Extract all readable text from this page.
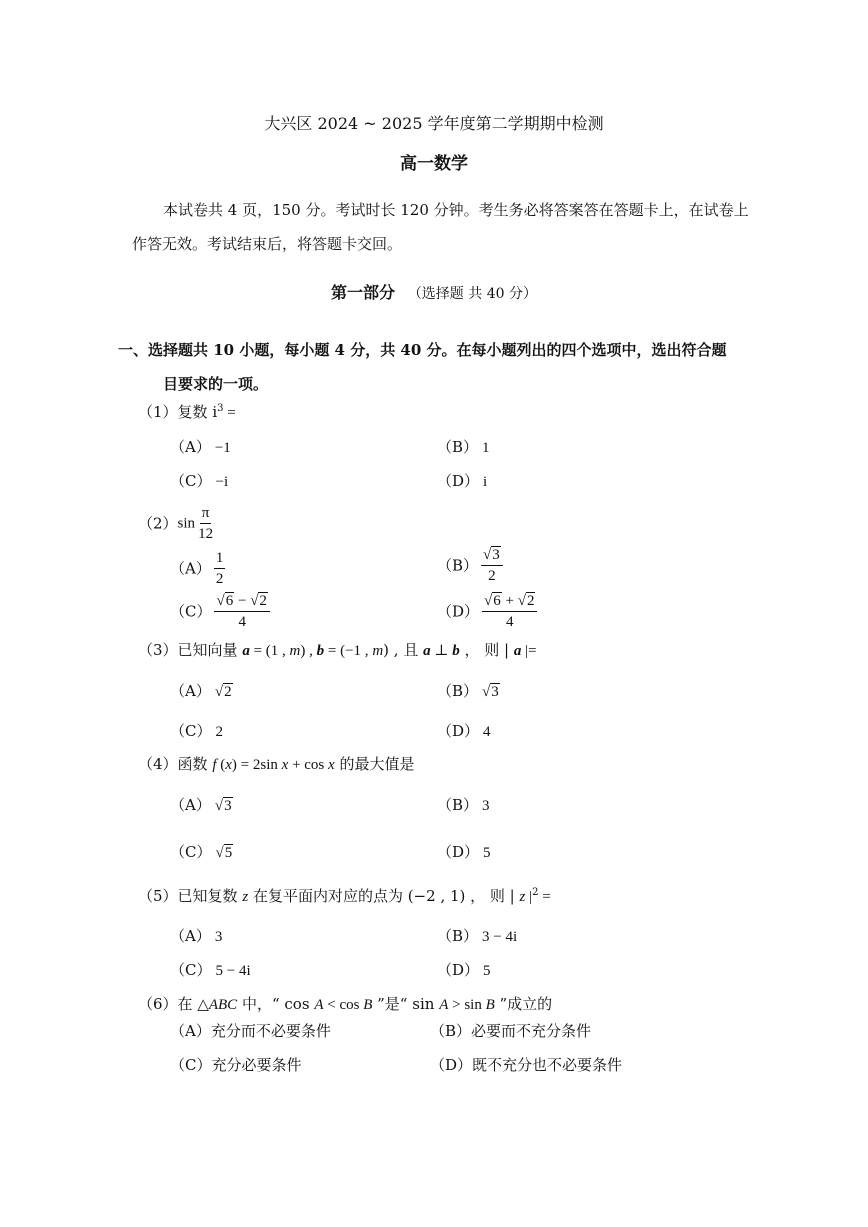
大兴区 2024 ~ 2025 学年度第二学期期中检测
高一数学
本试卷共 4 页，150 分。考试时长 120 分钟。考生务必将答案答在答题卡上，在试卷上
作答无效。考试结束后，将答题卡交回。
第一部分 （选择题 共 40 分）
一、选择题共 10 小题，每小题 4 分，共 40 分。在每小题列出的四个选项中，选出符合题
目要求的一项。
（1）复数 $i^3$ =
（A） −1	（B） 1
（C） −i	（D） i
$(2)\sin \frac{\pi}{12}$
$(A) \frac{1}{2}$	$(B) \frac{√3}{2}$
$(C) \frac{√6 - √2}{4}$	$(D) \frac{√6 + √2}{4}$
（3）已知向量 a = (1 , m) , b = (−1 , m) , 且 a ⊥ b ， 则 | a |=
（A） √2	（B） √3
（C） 2	（D） 4
（4）函数 f (x) = 2sin x + cos x 的最大值是
（A） √3	（B） 3
（C） √5	（D） 5
（5）已知复数 z 在复平面内对应的点为 (−2 , 1) ， 则 | z $|^2$ =
（A） 3	（B） 3 − 4i
（C） 5 − 4i	（D） 5
（6）在 △ABC 中，“ cos A < cos B ”是“ sin A > sin B ”成立的
（A）充分而不必要条件	（B）必要而不充分条件
（C）充分必要条件	（D）既不充分也不必要条件
